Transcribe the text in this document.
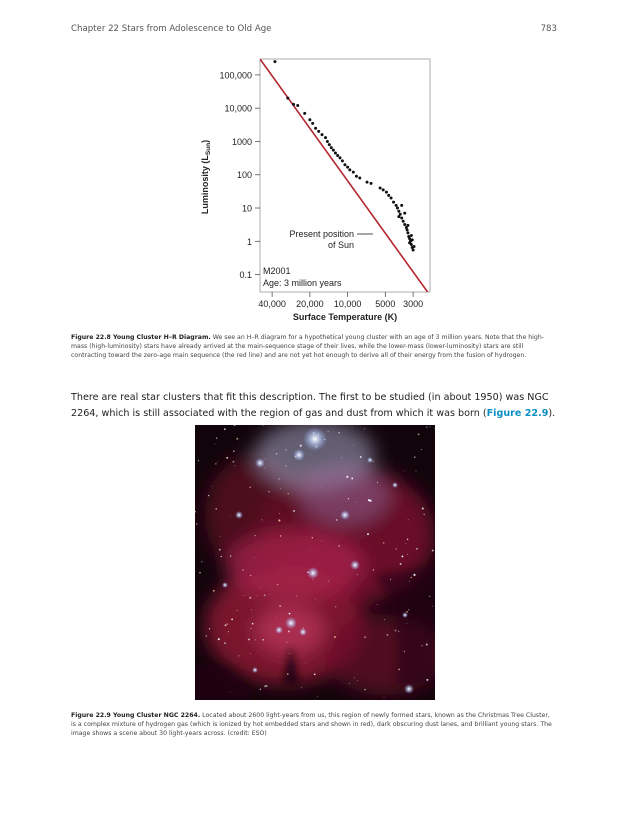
Chapter 22 Stars from Adolescence to Old Age	783
100,000
10,000
1000
100
10
1
0.1
40,000 20,000 10,000 5000 3000
Present position
of Sun
M2001
Age: 3 million years
Surface Temperature (K)
Luminosity $(L_{Sun})$

Figure 22.8 Young Cluster H–R Diagram. We see an H–R diagram for a hypothetical young cluster with an age of 3 million years. Note that the high-mass (high-luminosity) stars have already arrived at the main-sequence stage of their lives, while the lower-mass (lower-luminosity) stars are still contracting toward the zero-age main sequence (the red line) and are not yet hot enough to derive all of their energy from the fusion of hydrogen.

There are real star clusters that fit this description. The first to be studied (in about 1950) was NGC 2264, which is still associated with the region of gas and dust from which it was born (Figure 22.9).

Figure 22.9 Young Cluster NGC 2264. Located about 2600 light-years from us, this region of newly formed stars, known as the Christmas Tree Cluster, is a complex mixture of hydrogen gas (which is ionized by hot embedded stars and shown in red), dark obscuring dust lanes, and brilliant young stars. The image shows a scene about 30 light-years across. (credit: ESO)
